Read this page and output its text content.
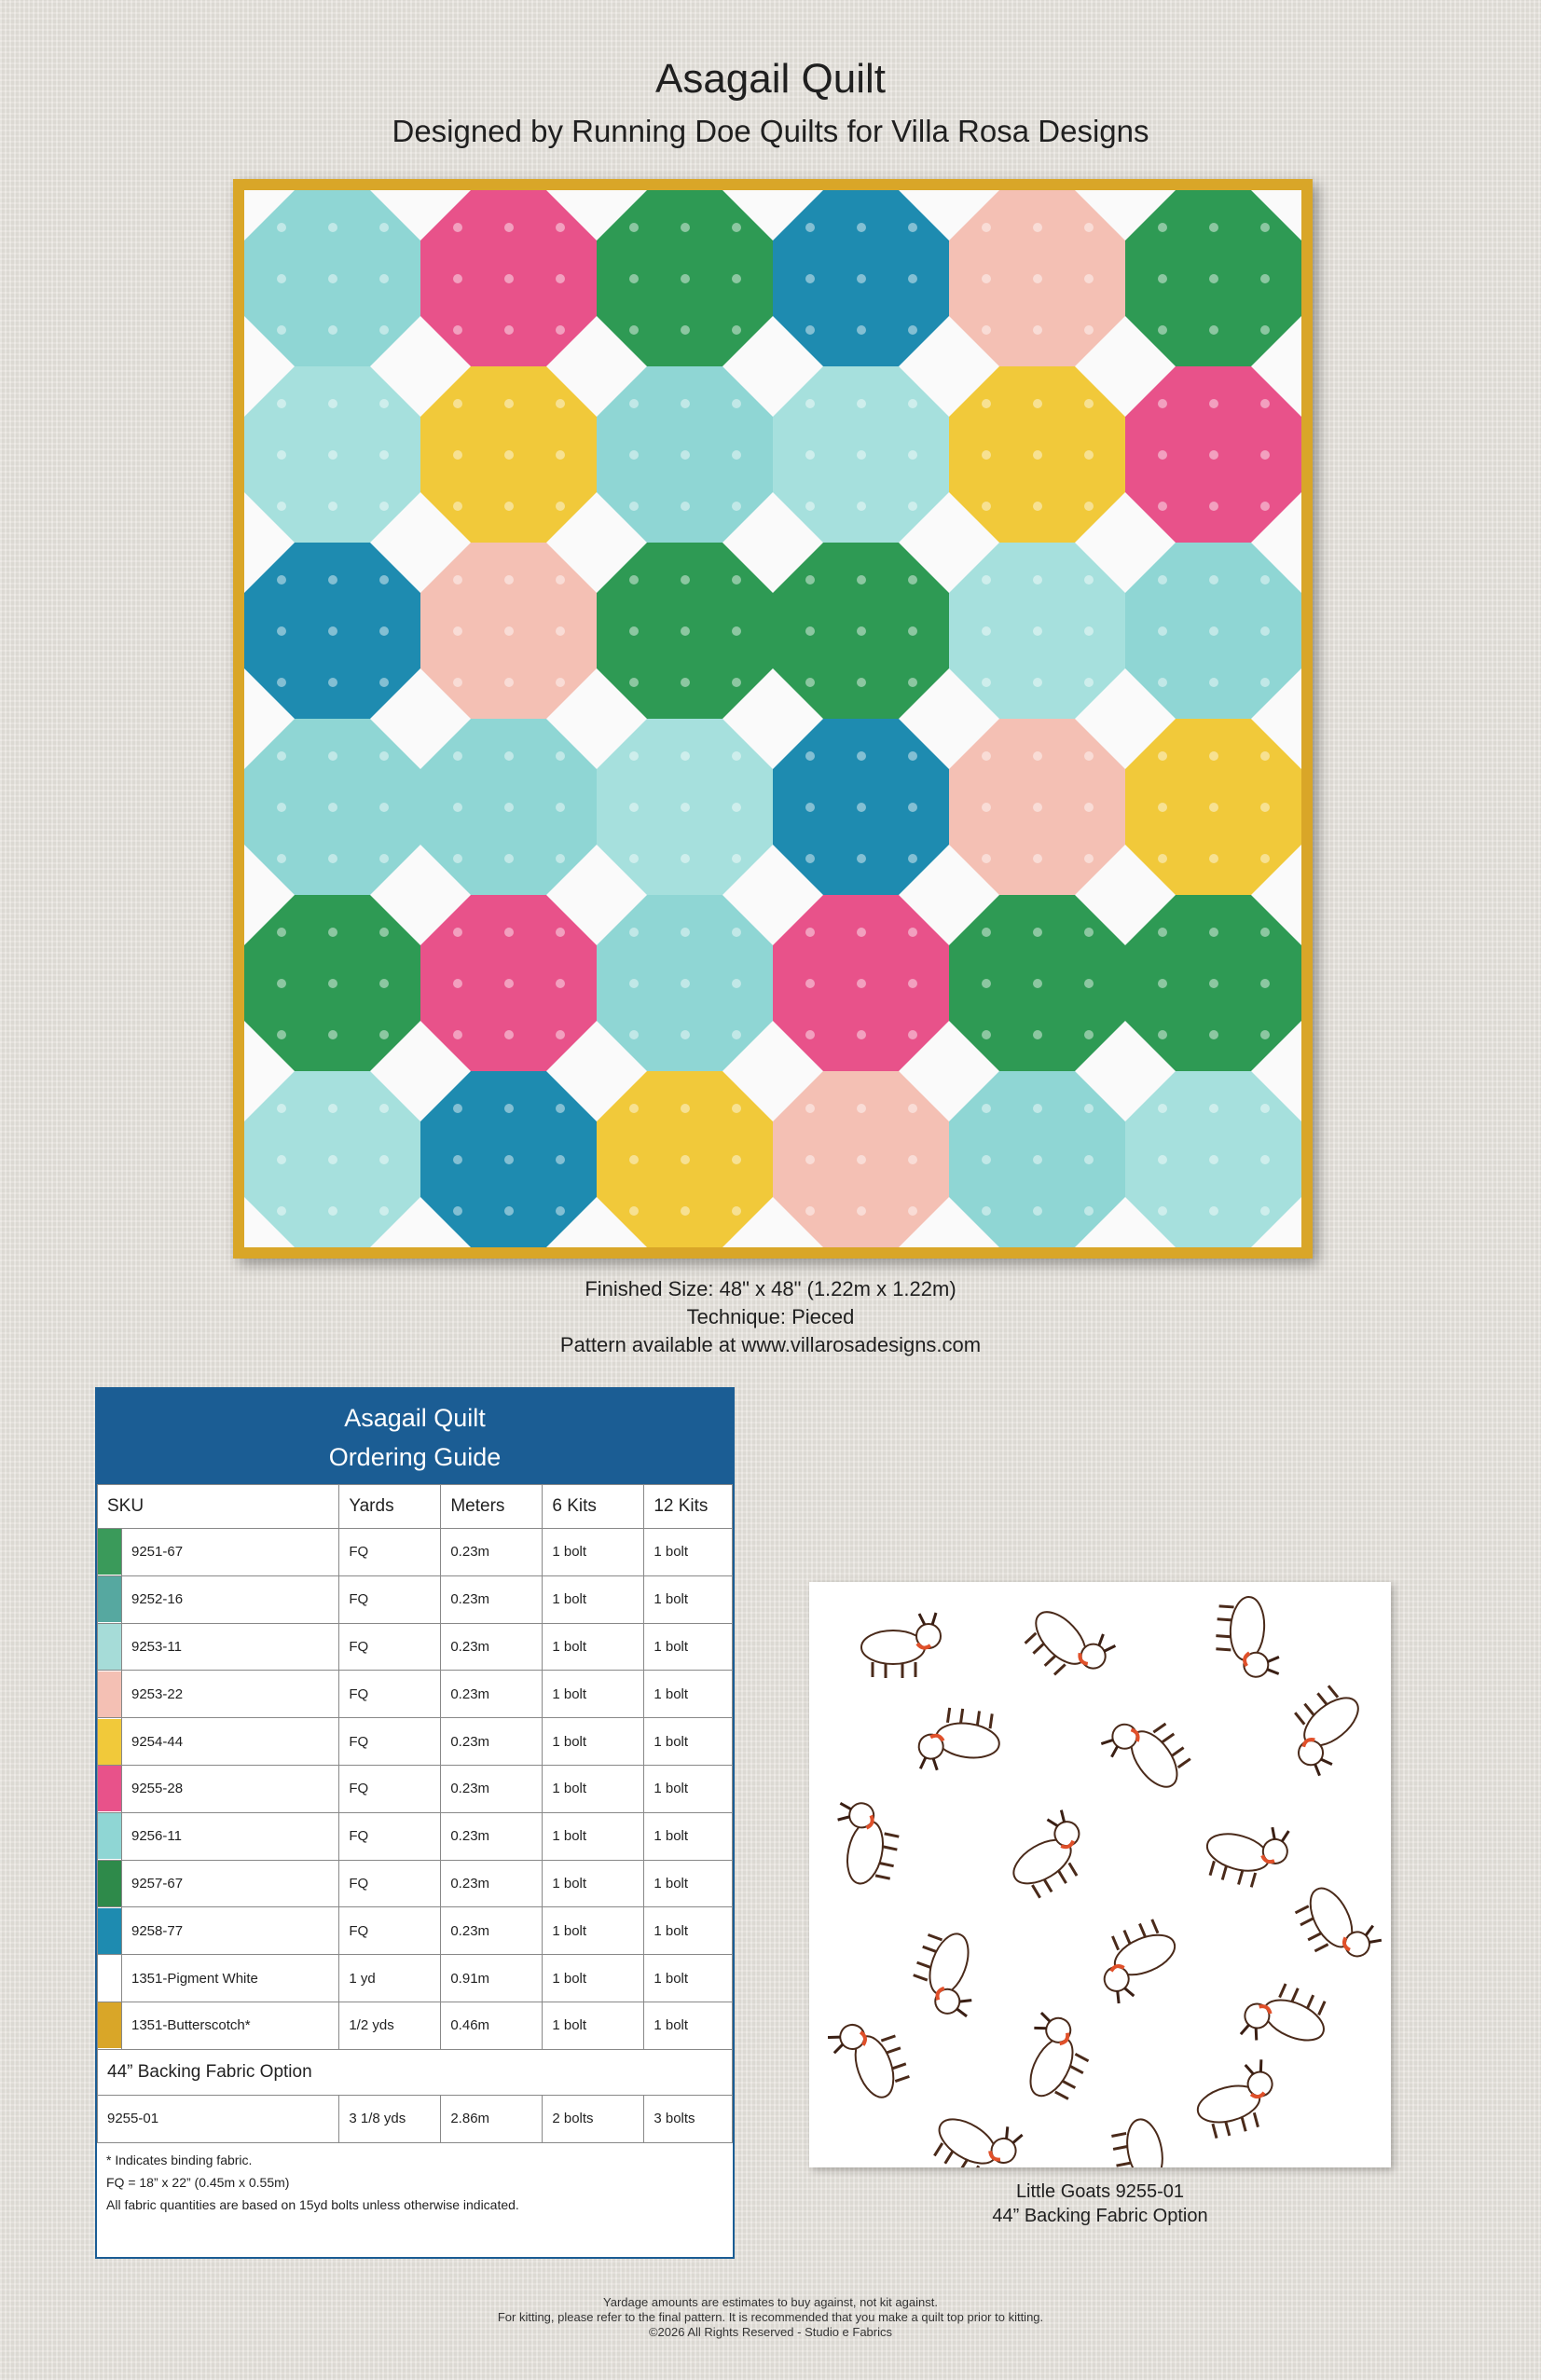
Asagail Quilt
Designed by Running Doe Quilts for Villa Rosa Designs
Finished Size: 48" x 48" (1.22m x 1.22m)
Technique: Pieced
Pattern available at www.villarosadesigns.com
Asagail Quilt
Ordering Guide
SKU		Yards	Meters	6 Kits	12 Kits

	9251-67	FQ	0.23m	1 bolt	1 bolt

	9252-16	FQ	0.23m	1 bolt	1 bolt

	9253-11	FQ	0.23m	1 bolt	1 bolt

	9253-22	FQ	0.23m	1 bolt	1 bolt

	9254-44	FQ	0.23m	1 bolt	1 bolt

	9255-28	FQ	0.23m	1 bolt	1 bolt

	9256-11	FQ	0.23m	1 bolt	1 bolt

	9257-67	FQ	0.23m	1 bolt	1 bolt

	9258-77	FQ	0.23m	1 bolt	1 bolt

	1351-Pigment White	1 yd	0.91m	1 bolt	1 bolt

	1351-Butterscotch*	1/2 yds	0.46m	1 bolt	1 bolt
44” Backing Fabric Option					
9255-01		3 1/8 yds	2.86m	2 bolts	3 bolts
* Indicates binding fabric.
FQ = 18” x 22” (0.45m x 0.55m)
All fabric quantities are based on 15yd bolts unless otherwise indicated.
Little Goats 9255-01
44” Backing Fabric Option
Yardage amounts are estimates to buy against, not kit against.
For kitting, please refer to the final pattern. It is recommended that you make a quilt top prior to kitting.
©2026 All Rights Reserved - Studio e Fabrics
